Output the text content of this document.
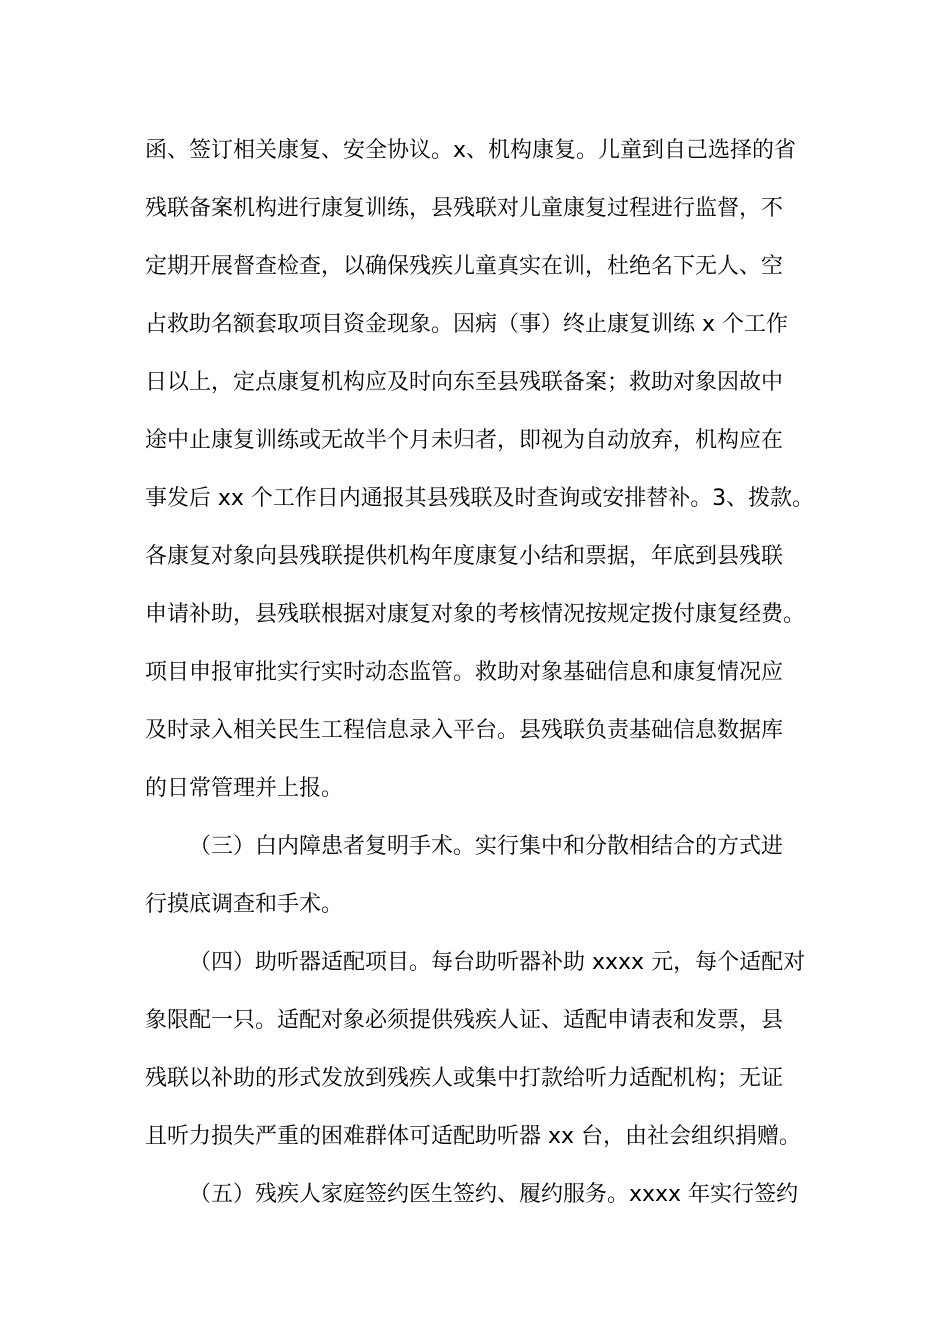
函、签订相关康复、安全协议。x、机构康复。儿童到自己选择的省
残联备案机构进行康复训练，县残联对儿童康复过程进行监督，不
定期开展督查检查，以确保残疾儿童真实在训，杜绝名下无人、空
占救助名额套取项目资金现象。因病（事）终止康复训练 x 个工作
日以上，定点康复机构应及时向东至县残联备案；救助对象因故中
途中止康复训练或无故半个月未归者，即视为自动放弃，机构应在
事发后 xx 个工作日内通报其县残联及时查询或安排替补。3、拨款。
各康复对象向县残联提供机构年度康复小结和票据，年底到县残联
申请补助，县残联根据对康复对象的考核情况按规定拨付康复经费。
项目申报审批实行实时动态监管。救助对象基础信息和康复情况应
及时录入相关民生工程信息录入平台。县残联负责基础信息数据库
的日常管理并上报。
（三）白内障患者复明手术。实行集中和分散相结合的方式进
行摸底调查和手术。
（四）助听器适配项目。每台助听器补助 xxxx 元，每个适配对
象限配一只。适配对象必须提供残疾人证、适配申请表和发票，县
残联以补助的形式发放到残疾人或集中打款给听力适配机构；无证
且听力损失严重的困难群体可适配助听器 xx 台，由社会组织捐赠。
（五）残疾人家庭签约医生签约、履约服务。xxxx 年实行签约
